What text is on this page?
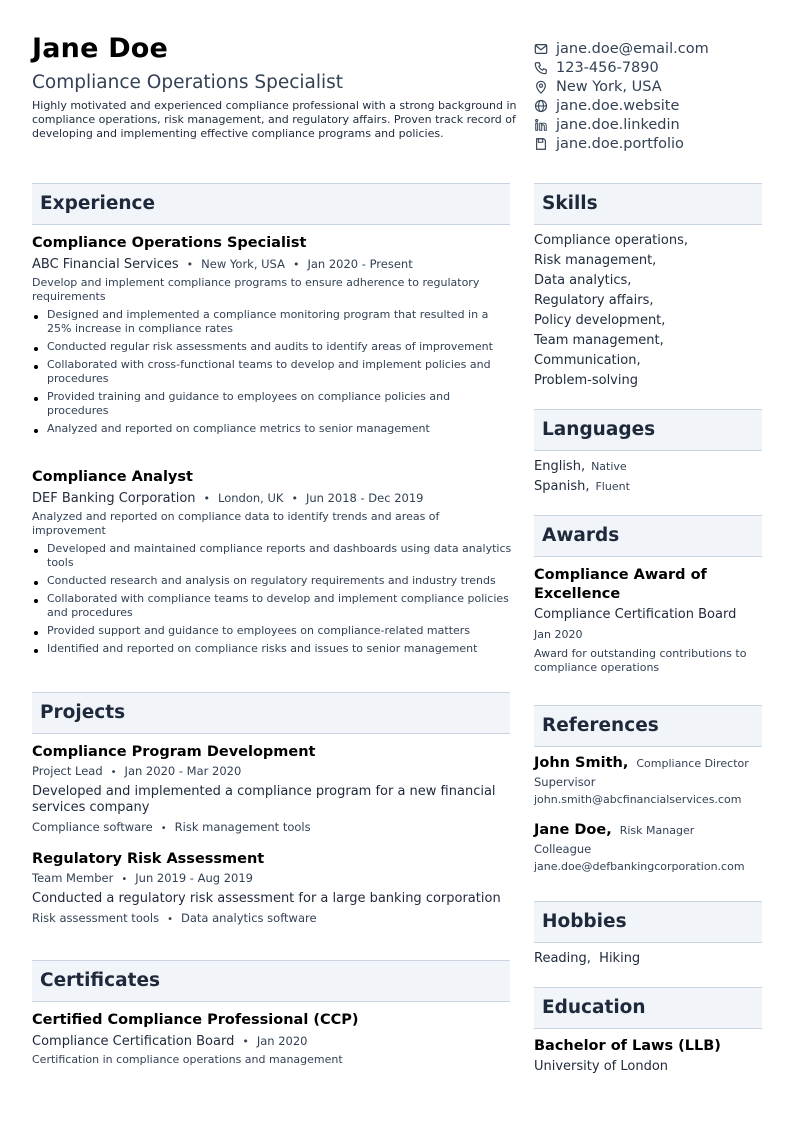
Jane Doe
Compliance Operations Specialist
Highly motivated and experienced compliance professional with a strong background in compliance operations, risk management, and regulatory affairs. Proven track record of developing and implementing effective compliance programs and policies.
jane.doe@email.com
123-456-7890
New York, USA
jane.doe.website
jane.doe.linkedin
jane.doe.portfolio
Experience
Compliance Operations Specialist
ABC Financial Services • New York, USA • Jan 2020 - Present
Develop and implement compliance programs to ensure adherence to regulatory requirements
Designed and implemented a compliance monitoring program that resulted in a 25% increase in compliance rates
Conducted regular risk assessments and audits to identify areas of improvement
Collaborated with cross-functional teams to develop and implement policies and procedures
Provided training and guidance to employees on compliance policies and procedures
Analyzed and reported on compliance metrics to senior management
Compliance Analyst
DEF Banking Corporation • London, UK • Jun 2018 - Dec 2019
Analyzed and reported on compliance data to identify trends and areas of improvement
Developed and maintained compliance reports and dashboards using data analytics tools
Conducted research and analysis on regulatory requirements and industry trends
Collaborated with compliance teams to develop and implement compliance policies and procedures
Provided support and guidance to employees on compliance-related matters
Identified and reported on compliance risks and issues to senior management
Projects
Compliance Program Development
Project Lead • Jan 2020 - Mar 2020
Developed and implemented a compliance program for a new financial services company
Compliance software • Risk management tools
Regulatory Risk Assessment
Team Member • Jun 2019 - Aug 2019
Conducted a regulatory risk assessment for a large banking corporation
Risk assessment tools • Data analytics software
Certificates
Certified Compliance Professional (CCP)
Compliance Certification Board • Jan 2020
Certification in compliance operations and management
Skills
Compliance operations,
Risk management,
Data analytics,
Regulatory affairs,
Policy development,
Team management,
Communication,
Problem-solving
Languages
English, Native
Spanish, Fluent
Awards
Compliance Award of Excellence
Compliance Certification Board
Jan 2020
Award for outstanding contributions to compliance operations
References
John Smith, Compliance Director
Supervisor
john.smith@abcfinancialservices.com
Jane Doe, Risk Manager
Colleague
jane.doe@defbankingcorporation.com
Hobbies
Reading,  Hiking
Education
Bachelor of Laws (LLB)
University of London
